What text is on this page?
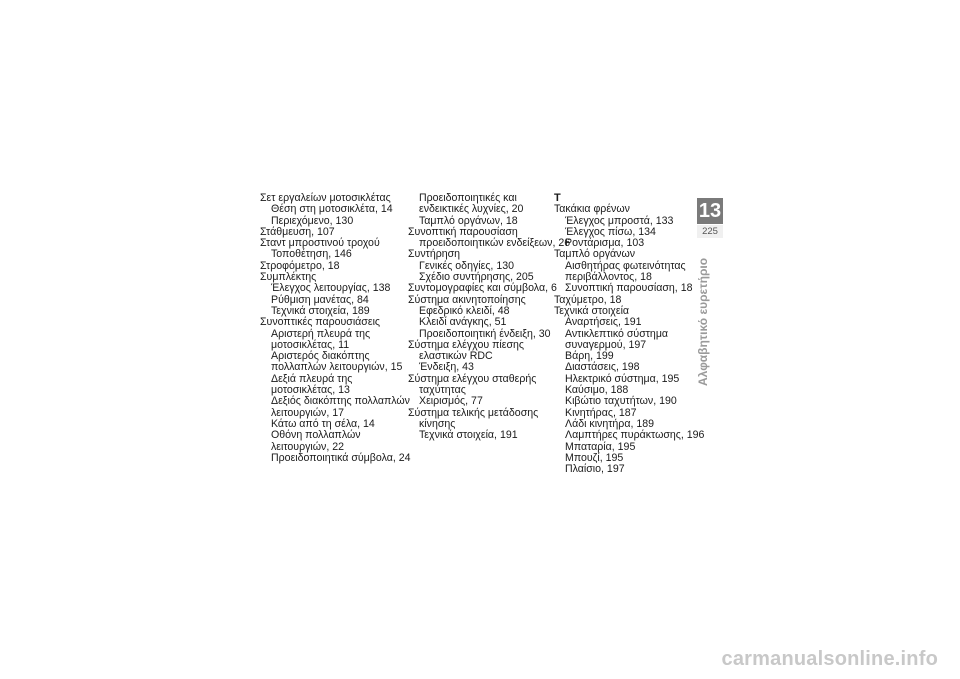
Σετ εργαλείων μοτοσικλέτας
Θέση στη μοτοσικλέτα, 14
Περιεχόμενο, 130
Στάθμευση, 107
Σταντ μπροστινού τροχού
Τοποθέτηση, 146
Στροφόμετρο, 18
Συμπλέκτης
Έλεγχος λειτουργίας, 138
Ρύθμιση μανέτας, 84
Τεχνικά στοιχεία, 189
Συνοπτικές παρουσιάσεις
Αριστερή πλευρά της
μοτοσικλέτας, 11
Αριστερός διακόπτης
πολλαπλών λειτουργιών, 15
Δεξιά πλευρά της
μοτοσικλέτας, 13
Δεξιός διακόπτης πολλαπλών
λειτουργιών, 17
Κάτω από τη σέλα, 14
Οθόνη πολλαπλών
λειτουργιών, 22
Προειδοποιητικά σύμβολα, 24
Προειδοποιητικές και
ενδεικτικές λυχνίες, 20
Ταμπλό οργάνων, 18
Συνοπτική παρουσίαση
προειδοποιητικών ενδείξεων, 26
Συντήρηση
Γενικές οδηγίες, 130
Σχέδιο συντήρησης, 205
Συντομογραφίες και σύμβολα, 6
Σύστημα ακινητοποίησης
Εφεδρικό κλειδί, 48
Κλειδί ανάγκης, 51
Προειδοποιητική ένδειξη, 30
Σύστημα ελέγχου πίεσης
ελαστικών RDC
Ένδειξη, 43
Σύστημα ελέγχου σταθερής
ταχύτητας
Χειρισμός, 77
Σύστημα τελικής μετάδοσης
κίνησης
Τεχνικά στοιχεία, 191
Τ
Τακάκια φρένων
Έλεγχος μπροστά, 133
Έλεγχος πίσω, 134
Ροντάρισμα, 103
Ταμπλό οργάνων
Αισθητήρας φωτεινότητας
περιβάλλοντος, 18
Συνοπτική παρουσίαση, 18
Ταχύμετρο, 18
Τεχνικά στοιχεία
Αναρτήσεις, 191
Αντικλεπτικό σύστημα
συναγερμού, 197
Βάρη, 199
Διαστάσεις, 198
Ηλεκτρικό σύστημα, 195
Καύσιμο, 188
Κιβώτιο ταχυτήτων, 190
Κινητήρας, 187
Λάδι κινητήρα, 189
Λαμπτήρες πυράκτωσης, 196
Μπαταρία, 195
Μπουζί, 195
Πλαίσιο, 197
13
225
Αλφαβητικό ευρετήριο
carmanualsonline.info
